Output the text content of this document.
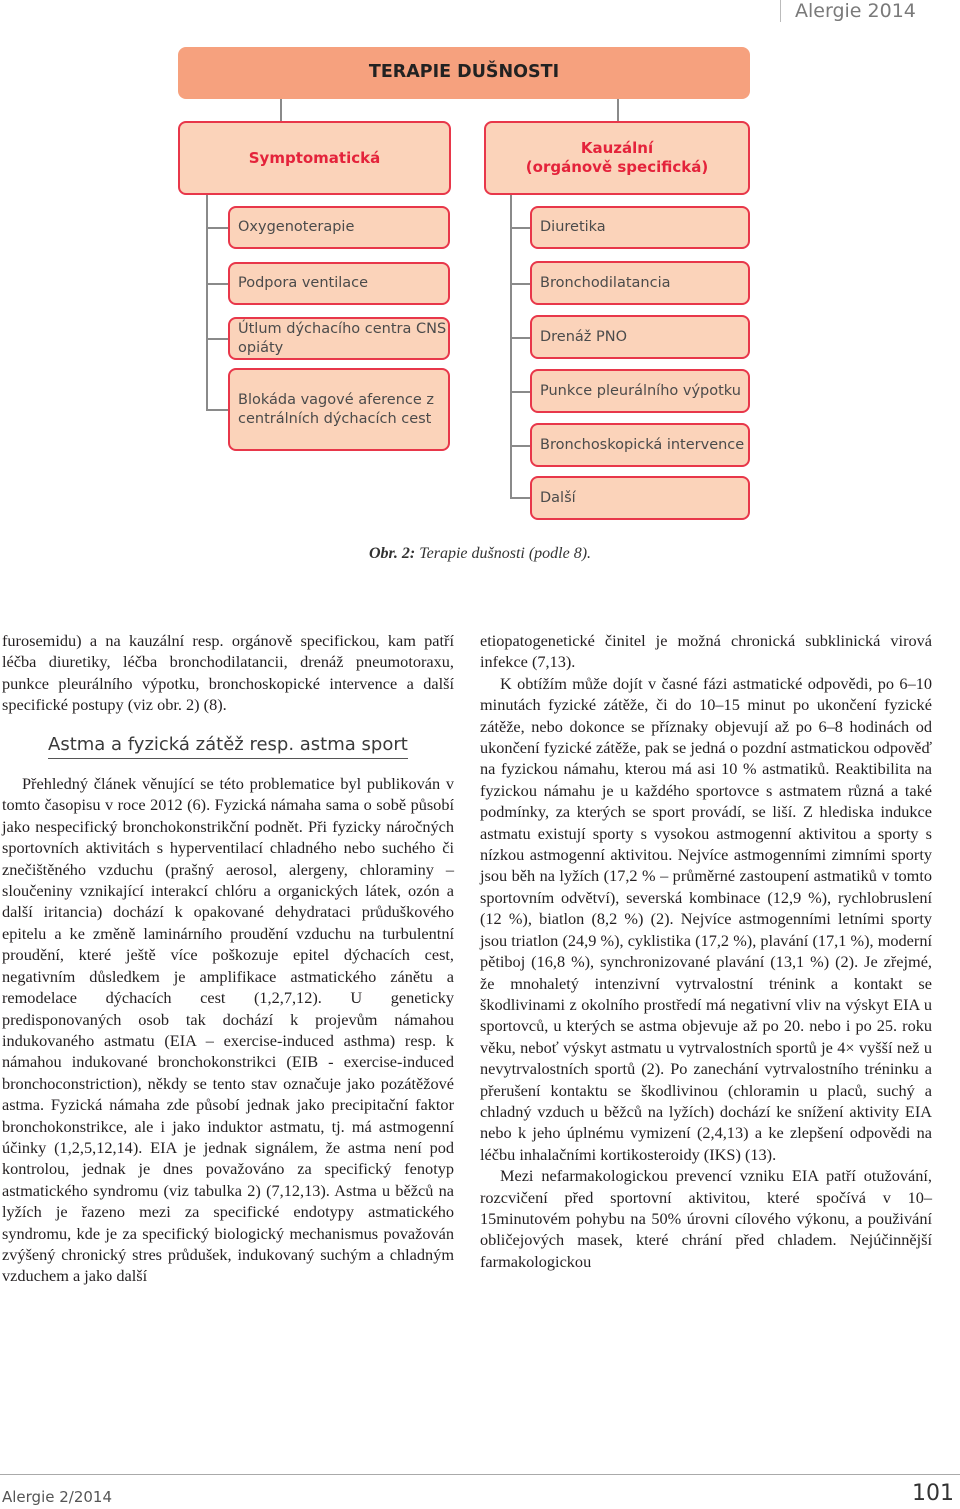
Alergie 2014
TERAPIE DUŠNOSTI
Symptomatická
Kauzální
(orgánově specifická)
Oxygenoterapie
Podpora ventilace
Útlum dýchacího centra CNS opiáty
Blokáda vagové aference z centrálních dýchacích cest
Diuretika
Bronchodilatancia
Drenáž PNO
Punkce pleurálního výpotku
Bronchoskopická intervence
Další
Obr. 2: Terapie dušnosti (podle 8).

furosemidu) a na kauzální resp. orgánově specifickou, kam patří léčba diuretiky, léčba bronchodilatancii, drenáž pneumotoraxu, punkce pleurálního výpotku, bronchoskopické intervence a další specifické postupy (viz obr. 2) (8).

Astma a fyzická zátěž resp. astma sport

Přehledný článek věnující se této problematice byl publikován v tomto časopisu v roce 2012 (6). Fyzická námaha sama o sobě působí jako nespecifický bronchokonstrikční podnět. Při fyzicky náročných sportovních aktivitách s hyperventilací chladného nebo suchého či znečištěného vzduchu (prašný aerosol, alergeny, chloraminy – sloučeniny vznikající interakcí chlóru a organických látek, ozón a další iritancia) dochází k opakované dehydrataci průduškového epitelu a ke změně laminárního proudění vzduchu na turbulentní proudění, které ještě více poškozuje epitel dýchacích cest, negativním důsledkem je amplifikace astmatického zánětu a remodelace dýchacích cest (1,2,7,12). U geneticky predisponovaných osob tak dochází k projevům námahou indukovaného astmatu (EIA – exercise-induced asthma) resp. k námahou indukované bronchokonstrikci (EIB - exercise-induced bronchoconstriction), někdy se tento stav označuje jako pozátěžové astma. Fyzická námaha zde působí jednak jako precipitační faktor bronchokonstrikce, ale i jako induktor astmatu, tj. má astmogenní účinky (1,2,5,12,14). EIA je jednak signálem, že astma není pod kontrolou, jednak je dnes považováno za specifický fenotyp astmatického syndromu (viz tabulka 2) (7,12,13). Astma u běžců na lyžích je řazeno mezi za specifické endotypy astmatického syndromu, kde je za specifický biologický mechanismus považován zvýšený chronický stres průdušek, indukovaný suchým a chladným vzduchem a jako další

etiopatogenetické činitel je možná chronická subklinická virová infekce (7,13).

K obtížím může dojít v časné fázi astmatické odpovědi, po 6–10 minutách fyzické zátěže, či do 10–15 minut po ukončení fyzické zátěže, nebo dokonce se příznaky objevují až po 6–8 hodinách od ukončení fyzické zátěže, pak se jedná o pozdní astmatickou odpověď na fyzickou námahu, kterou má asi 10 % astmatiků. Reaktibilita na fyzickou námahu je u každého sportovce s astmatem různá a také podmínky, za kterých se sport provádí, se liší. Z hlediska indukce astmatu existují sporty s vysokou astmogenní aktivitou a sporty s nízkou astmogenní aktivitou. Nejvíce astmogenními zimními sporty jsou běh na lyžích (17,2 % – průměrné zastoupení astmatiků v tomto sportovním odvětví), severská kombinace (12,9 %), rychlobruslení (12 %), biatlon (8,2 %) (2). Nejvíce astmogenními letními sporty jsou triatlon (24,9 %), cyklistika (17,2 %), plavání (17,1 %), moderní pětiboj (16,8 %), synchronizované plavání (13,1 %) (2). Je zřejmé, že mnohaletý intenzivní vytrvalostní trénink a kontakt se škodlivinami z okolního prostředí má negativní vliv na výskyt EIA u sportovců, u kterých se astma objevuje až po 20. nebo i po 25. roku věku, neboť výskyt astmatu u vytrvalostních sportů je 4× vyšší než u nevytrvalostních sportů (2). Po zanechání vytrvalostního tréninku a přerušení kontaktu se škodlivinou (chloramin u placů, suchý a chladný vzduch u běžců na lyžích) dochází ke snížení aktivity EIA nebo k jeho úplnému vymizení (2,4,13) a ke zlepšení odpovědi na léčbu inhalačními kortikosteroidy (IKS) (13).

Mezi nefarmakologickou prevencí vzniku EIA patří otužování, rozcvičení před sportovní aktivitou, které spočívá v 10–15minutovém pohybu na 50% úrovni cílového výkonu, a použivání obličejových masek, které chrání před chladem. Nejúčinnější farmakologickou

Alergie 2/2014	101
